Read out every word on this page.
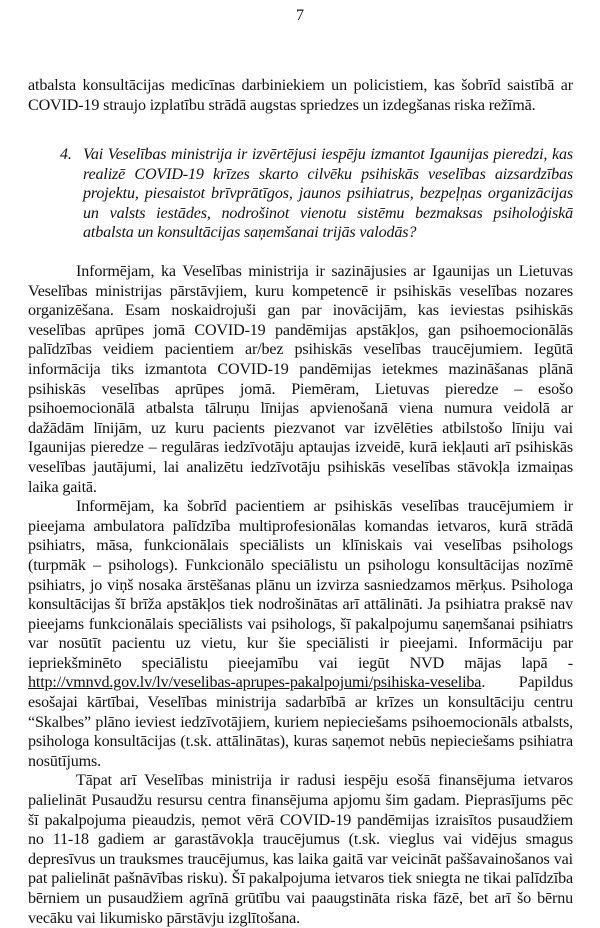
7

atbalsta konsultācijas medicīnas darbiniekiem un policistiem, kas šobrīd saistībā ar COVID-19 straujo izplatību strādā augstas spriedzes un izdegšanas riska režīmā.

4. Vai Veselības ministrija ir izvērtējusi iespēju izmantot Igaunijas pieredzi, kas realizē COVID-19 krīzes skarto cilvēku psihiskās veselības aizsardzības projektu, piesaistot brīvprātīgos, jaunos psihiatrus, bezpeļņas organizācijas un valsts iestādes, nodrošinot vienotu sistēmu bezmaksas psiholoģiskā atbalsta un konsultācijas saņemšanai trijās valodās?

Informējam, ka Veselības ministrija ir sazinājusies ar Igaunijas un Lietuvas Veselības ministrijas pārstāvjiem, kuru kompetencē ir psihiskās veselības nozares organizēšana. Esam noskaidrojuši gan par inovācijām, kas ieviestas psihiskās veselības aprūpes jomā COVID-19 pandēmijas apstākļos, gan psihoemocionālās palīdzības veidiem pacientiem ar/bez psihiskās veselības traucējumiem. Iegūtā informācija tiks izmantota COVID-19 pandēmijas ietekmes mazināšanas plānā psihiskās veselības aprūpes jomā. Piemēram, Lietuvas pieredze – esošo psihoemocionālā atbalsta tālruņu līnijas apvienošanā viena numura veidolā ar dažādām līnijām, uz kuru pacients piezvanot var izvēlēties atbilstošo līniju vai Igaunijas pieredze – regulāras iedzīvotāju aptaujas izveidē, kurā iekļauti arī psihiskās veselības jautājumi, lai analizētu iedzīvotāju psihiskās veselības stāvokļa izmaiņas laika gaitā.

Informējam, ka šobrīd pacientiem ar psihiskās veselības traucējumiem ir pieejama ambulatora palīdzība multiprofesionālas komandas ietvaros, kurā strādā psihiatrs, māsa, funkcionālais speciālists un klīniskais vai veselības psihologs (turpmāk – psihologs). Funkcionālo speciālistu un psihologu konsultācijas nozīmē psihiatrs, jo viņš nosaka ārstēšanas plānu un izvirza sasniedzamos mērķus. Psihologa konsultācijas šī brīža apstākļos tiek nodrošinātas arī attālināti. Ja psihiatra praksē nav pieejams funkcionālais speciālists vai psihologs, šī pakalpojumu saņemšanai psihiatrs var nosūtīt pacientu uz vietu, kur šie speciālisti ir pieejami. Informāciju par iepriekšminēto speciālistu pieejamību vai iegūt NVD mājas lapā - http://vmnvd.gov.lv/lv/veselibas-aprupes-pakalpojumi/psihiska-veseliba. Papildus esošajai kārtībai, Veselības ministrija sadarbībā ar krīzes un konsultāciju centru “Skalbes” plāno ieviest iedzīvotājiem, kuriem nepieciešams psihoemocionāls atbalsts, psihologa konsultācijas (t.sk. attālinātas), kuras saņemot nebūs nepieciešams psihiatra nosūtījums.

Tāpat arī Veselības ministrija ir radusi iespēju esošā finansējuma ietvaros palielināt Pusaudžu resursu centra finansējuma apjomu šim gadam. Pieprasījums pēc šī pakalpojuma pieaudzis, ņemot vērā COVID-19 pandēmijas izraisītos pusaudžiem no 11-18 gadiem ar garastāvokļa traucējumus (t.sk. vieglus vai vidējus smagus depresīvus un trauksmes traucējumus, kas laika gaitā var veicināt paššavainošanos vai pat palielināt pašnāvības risku). Šī pakalpojuma ietvaros tiek sniegta ne tikai palīdzība bērniem un pusaudžiem agrīnā grūtību vai paaugstināta riska fāzē, bet arī šo bērnu vecāku vai likumisko pārstāvju izglītošana.
